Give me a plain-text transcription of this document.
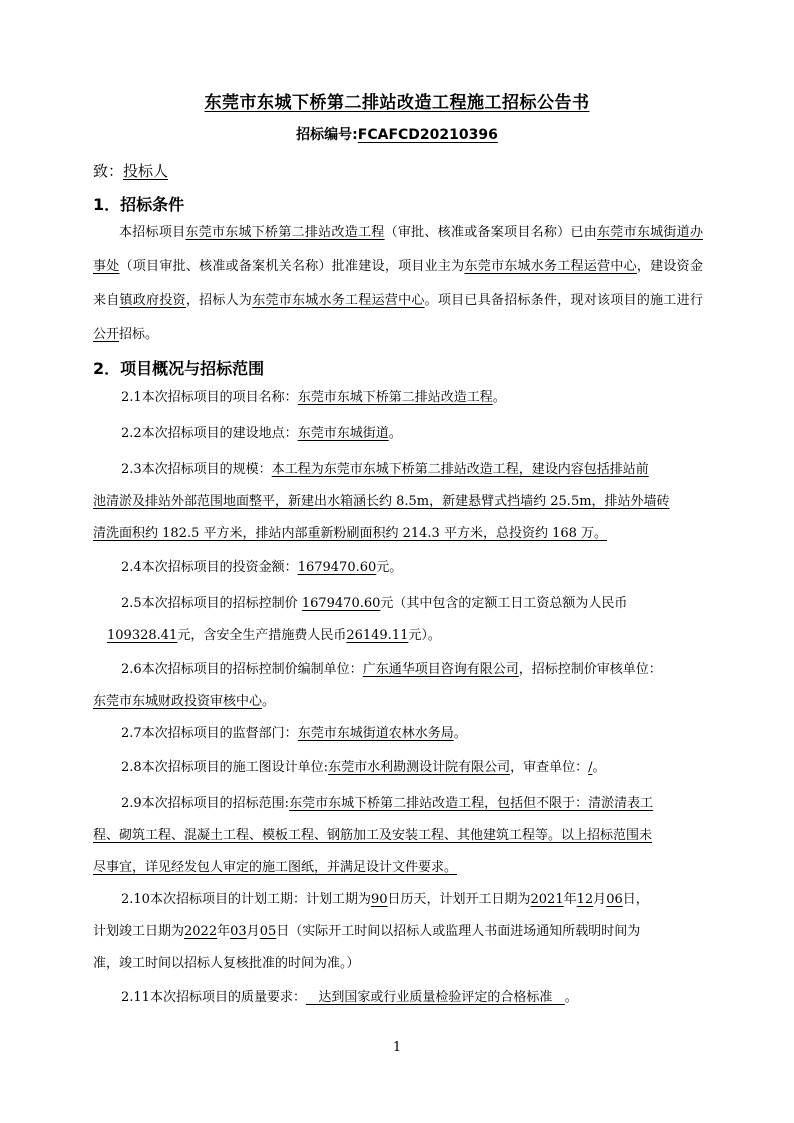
东莞市东城下桥第二排站改造工程施工招标公告书
招标编号:FCAFCD20210396
致：投标人
1．招标条件
本招标项目东莞市东城下桥第二排站改造工程（审批、核准或备案项目名称）已由东莞市东城街道办事处（项目审批、核准或备案机关名称）批准建设，项目业主为东莞市东城水务工程运营中心，建设资金来自镇政府投资，招标人为东莞市东城水务工程运营中心。项目已具备招标条件，现对该项目的施工进行公开招标。
2．项目概况与招标范围
2.1本次招标项目的项目名称：东莞市东城下桥第二排站改造工程。
2.2本次招标项目的建设地点：东莞市东城街道。
2.3本次招标项目的规模：本工程为东莞市东城下桥第二排站改造工程，建设内容包括排站前
池清淤及排站外部范围地面整平，新建出水箱涵长约 8.5m，新建悬臂式挡墙约 25.5m，排站外墙砖
清洗面积约 182.5 平方米，排站内部重新粉刷面积约 214.3 平方米，总投资约 168 万。
2.4本次招标项目的投资金额：1679470.60元。
2.5本次招标项目的招标控制价 1679470.60元（其中包含的定额工日工资总额为人民币
109328.41元，含安全生产措施费人民币26149.11元）。
2.6本次招标项目的招标控制价编制单位：广东通华项目咨询有限公司，招标控制价审核单位：
东莞市东城财政投资审核中心。
2.7本次招标项目的监督部门：东莞市东城街道农林水务局。
2.8本次招标项目的施工图设计单位:东莞市水利勘测设计院有限公司，审查单位：/。
2.9本次招标项目的招标范围:东莞市东城下桥第二排站改造工程，包括但不限于：清淤清表工
程、砌筑工程、混凝土工程、模板工程、钢筋加工及安装工程、其他建筑工程等。以上招标范围未
尽事宜，详见经发包人审定的施工图纸，并满足设计文件要求。
2.10本次招标项目的计划工期：计划工期为90日历天，计划开工日期为2021年12月06日，
计划竣工日期为2022年03月05日（实际开工时间以招标人或监理人书面进场通知所载明时间为
准，竣工时间以招标人复核批准的时间为准。）
2.11本次招标项目的质量要求：   达到国家或行业质量检验评定的合格标准   。
1
